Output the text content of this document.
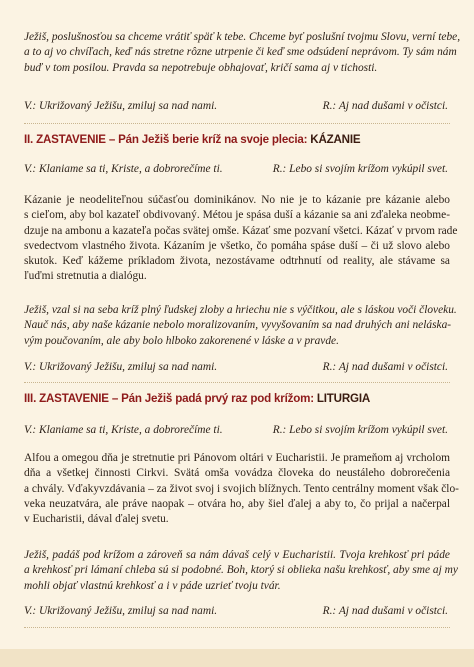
Ježiš, poslušnosťou sa chceme vrátiť späť k tebe. Chceme byť poslušní tvojmu Slovu, verní tebe,
a to aj vo chvíľach, keď nás stretne rôzne utrpenie či keď sme odsúdení neprávom. Ty sám nám
buď v tom posilou. Pravda sa nepotrebuje obhajovať, kričí sama aj v tichosti.
V.: Ukrižovaný Ježišu, zmiluj sa nad nami.	R.: Aj nad dušami v očistci.
II. ZASTAVENIE – Pán Ježiš berie kríž na svoje plecia: KÁZANIE
V.: Klaniame sa ti, Kriste, a dobrorečíme ti.	R.: Lebo si svojím krížom vykúpil svet.
Kázanie je neodeliteľnou súčasťou dominikánov. No nie je to kázanie pre kázanie alebo
s cieľom, aby bol kazateľ obdivovaný. Métou je spása duší a kázanie sa ani zďaleka neobme-
dzuje na ambonu a kazateľa počas svätej omše. Kázať sme pozvaní všetci. Kázať v prvom rade
svedectvom vlastného života. Kázaním je všetko, čo pomáha spáse duší – či už slovo alebo
skutok. Keď kážeme príkladom života, nezostávame odtrhnutí od reality, ale stávame sa
ľuďmi stretnutia a dialógu.
Ježiš, vzal si na seba kríž plný ľudskej zloby a hriechu nie s výčitkou, ale s láskou voči človeku.
Nauč nás, aby naše kázanie nebolo moralizovaním, vyvyšovaním sa nad druhých ani neláska-
vým poučovaním, ale aby bolo hlboko zakorenené v láske a v pravde.
V.: Ukrižovaný Ježišu, zmiluj sa nad nami.	R.: Aj nad dušami v očistci.
III. ZASTAVENIE – Pán Ježiš padá prvý raz pod krížom: LITURGIA
V.: Klaniame sa ti, Kriste, a dobrorečíme ti.	R.: Lebo si svojím krížom vykúpil svet.
Alfou a omegou dňa je stretnutie pri Pánovom oltári v Eucharistii. Je prameňom aj vrcholom
dňa a všetkej činnosti Cirkvi. Svätá omša vovádza človeka do neustáleho dobrorečenia
a chvály. Vďakyvzdávania – za život svoj i svojich blížnych. Tento centrálny moment však člo-
veka neuzatvára, ale práve naopak – otvára ho, aby šiel ďalej a aby to, čo prijal a načerpal
v Eucharistii, dával ďalej svetu.
Ježiš, padáš pod krížom a zároveň sa nám dávaš celý v Eucharistii. Tvoja krehkosť pri páde
a krehkosť pri lámaní chleba sú si podobné. Boh, ktorý si oblieka našu krehkosť, aby sme aj my
mohli objať vlastnú krehkosť a i v páde uzrieť tvoju tvár.
V.: Ukrižovaný Ježišu, zmiluj sa nad nami.	R.: Aj nad dušami v očistci.
